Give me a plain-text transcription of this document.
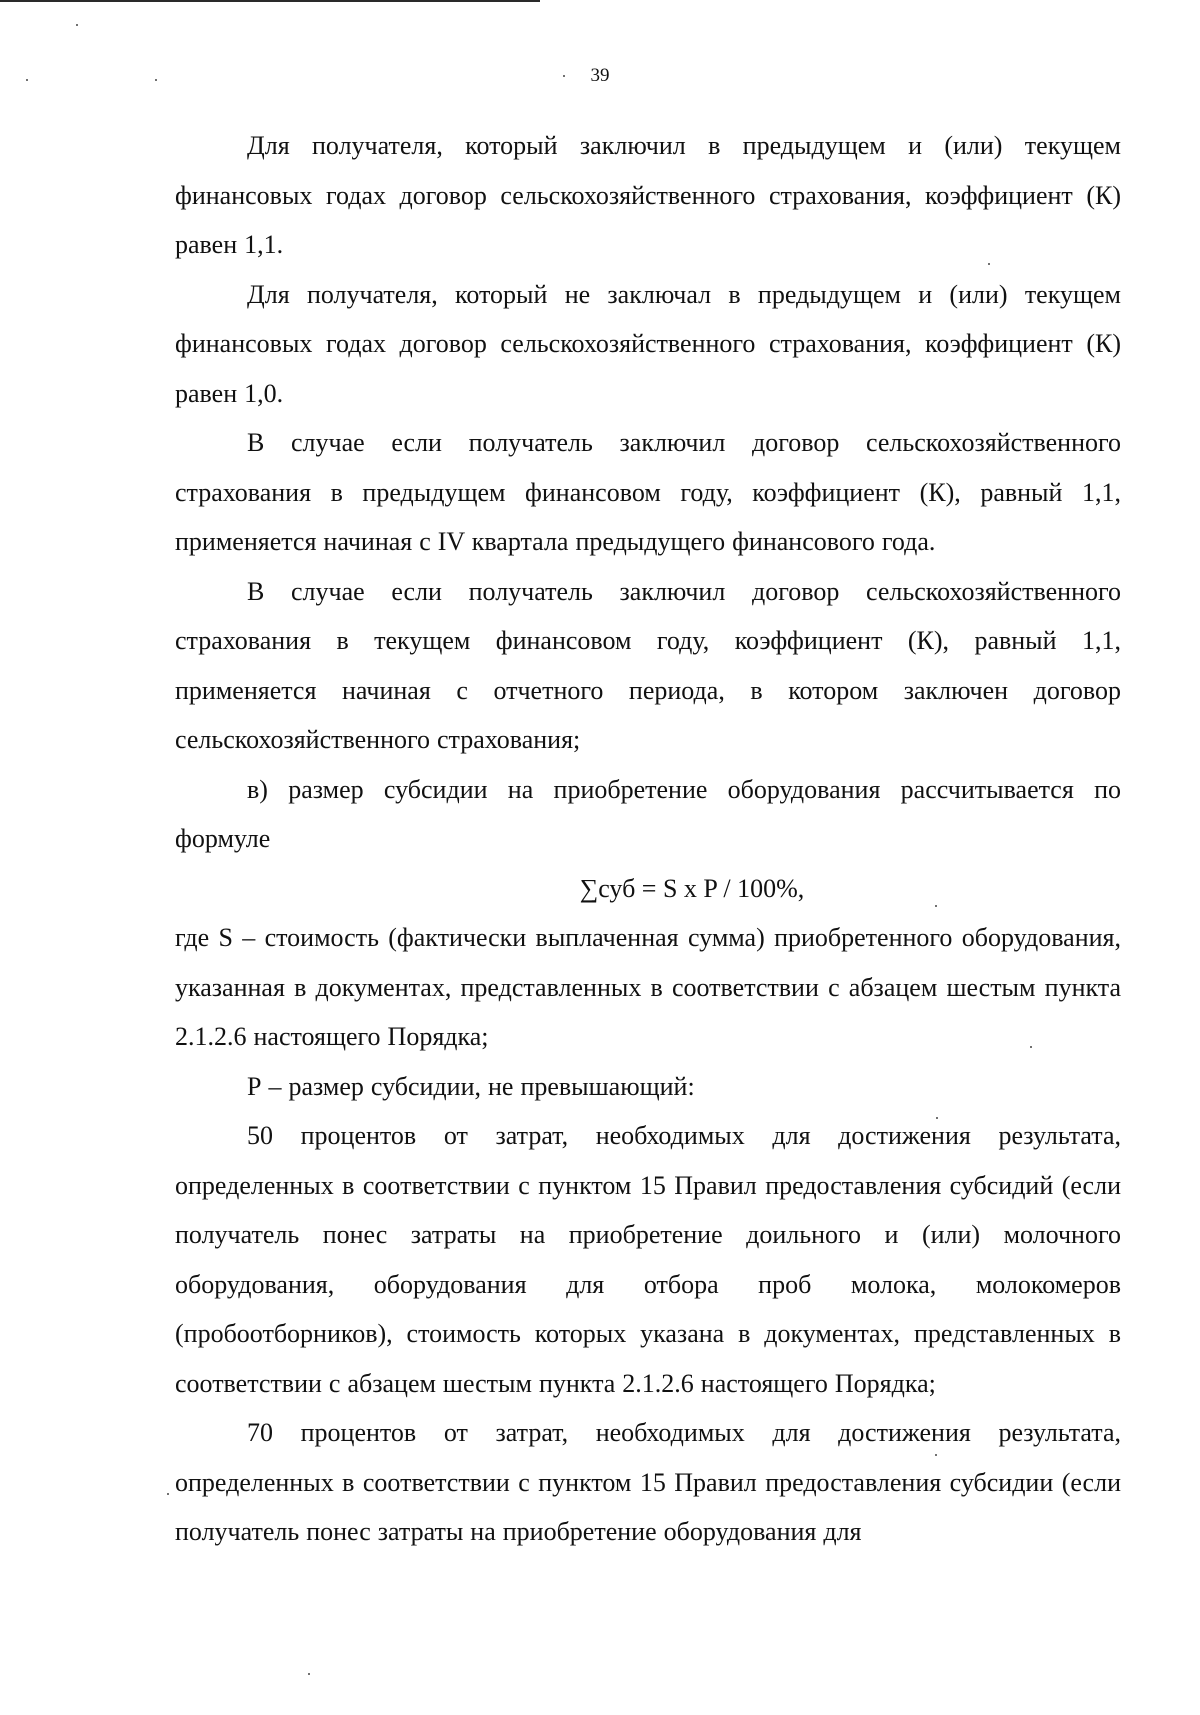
39

Для получателя, который заключил в предыдущем и (или) текущем финансовых годах договор сельскохозяйственного страхования, коэффициент (К) равен 1,1.

Для получателя, который не заключал в предыдущем и (или) текущем финансовых годах договор сельскохозяйственного страхования, коэффициент (К) равен 1,0.

В случае если получатель заключил договор сельскохозяйственного страхования в предыдущем финансовом году, коэффициент (К), равный 1,1, применяется начиная с IV квартала предыдущего финансового года.

В случае если получатель заключил договор сельскохозяйственного страхования в текущем финансовом году, коэффициент (К), равный 1,1, применяется начиная с отчетного периода, в котором заключен договор сельскохозяйственного страхования;

в) размер субсидии на приобретение оборудования рассчитывается по формуле

∑суб = S x P / 100%,

где S – стоимость (фактически выплаченная сумма) приобретенного оборудования, указанная в документах, представленных в соответствии с абзацем шестым пункта 2.1.2.6 настоящего Порядка;

Р – размер субсидии, не превышающий:

50 процентов от затрат, необходимых для достижения результата, определенных в соответствии с пунктом 15 Правил предоставления субсидий (если получатель понес затраты на приобретение доильного и (или) молочного оборудования, оборудования для отбора проб молока, молокомеров (пробоотборников), стоимость которых указана в документах, представленных в соответствии с абзацем шестым пункта 2.1.2.6 настоящего Порядка;

70 процентов от затрат, необходимых для достижения результата, определенных в соответствии с пунктом 15 Правил предоставления субсидии (если получатель понес затраты на приобретение оборудования для
